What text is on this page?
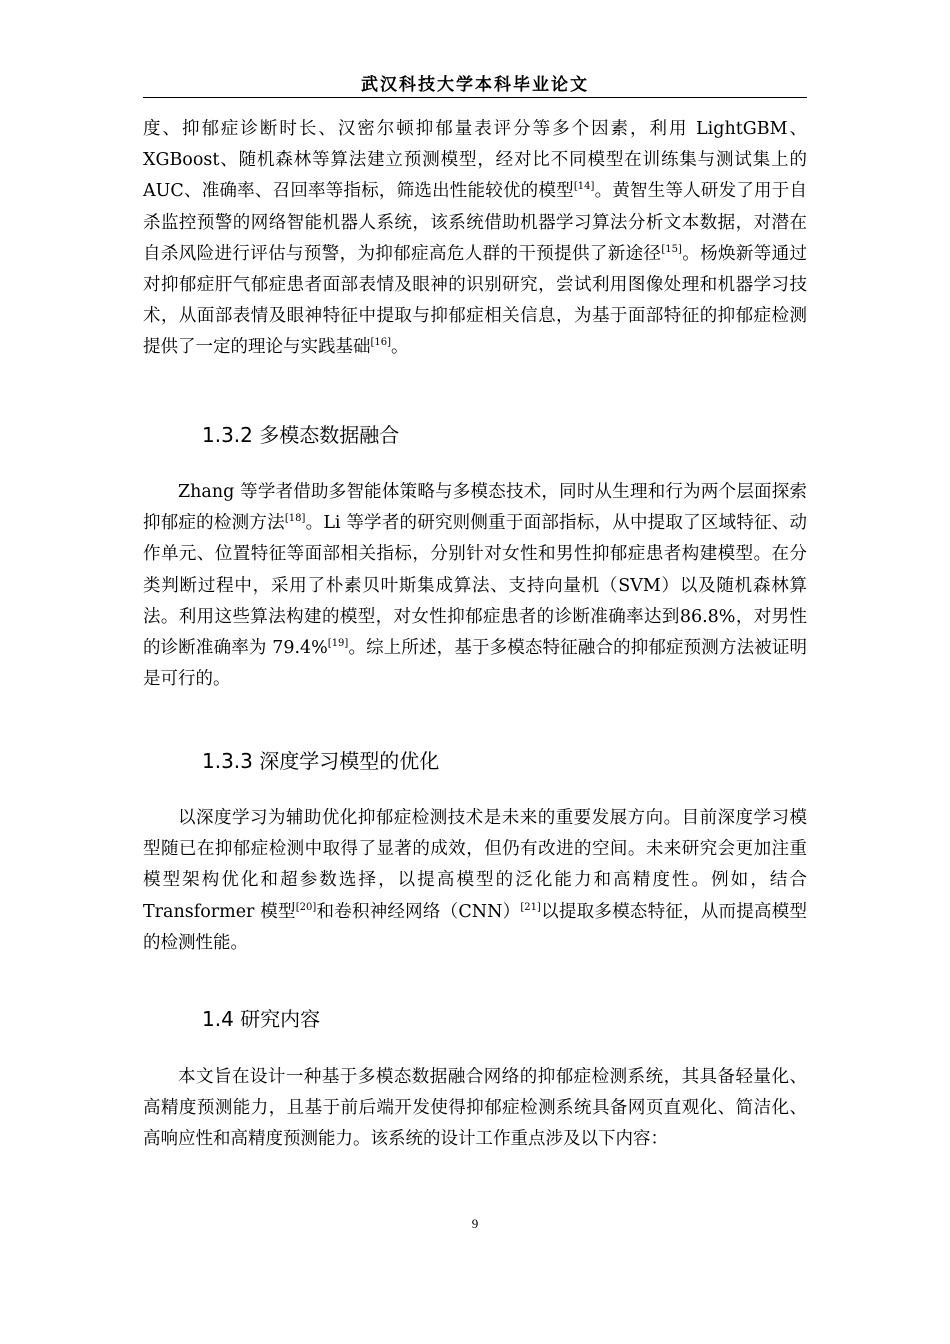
武汉科技大学本科毕业论文

度、抑郁症诊断时长、汉密尔顿抑郁量表评分等多个因素，利用 LightGBM、XGBoost、随机森林等算法建立预测模型，经对比不同模型在训练集与测试集上的 AUC、准确率、召回率等指标，筛选出性能较优的模型[14]。黄智生等人研发了用于自杀监控预警的网络智能机器人系统，该系统借助机器学习算法分析文本数据，对潜在自杀风险进行评估与预警，为抑郁症高危人群的干预提供了新途径[15]。杨焕新等通过对抑郁症肝气郁症患者面部表情及眼神的识别研究，尝试利用图像处理和机器学习技术，从面部表情及眼神特征中提取与抑郁症相关信息，为基于面部特征的抑郁症检测提供了一定的理论与实践基础[16]。

1.3.2 多模态数据融合

Zhang 等学者借助多智能体策略与多模态技术，同时从生理和行为两个层面探索抑郁症的检测方法[18]。Li 等学者的研究则侧重于面部指标，从中提取了区域特征、动作单元、位置特征等面部相关指标，分别针对女性和男性抑郁症患者构建模型。在分类判断过程中，采用了朴素贝叶斯集成算法、支持向量机（SVM）以及随机森林算法。利用这些算法构建的模型，对女性抑郁症患者的诊断准确率达到86.8%，对男性的诊断准确率为 79.4%[19]。综上所述，基于多模态特征融合的抑郁症预测方法被证明是可行的。

1.3.3 深度学习模型的优化

以深度学习为辅助优化抑郁症检测技术是未来的重要发展方向。目前深度学习模型随已在抑郁症检测中取得了显著的成效，但仍有改进的空间。未来研究会更加注重模型架构优化和超参数选择，以提高模型的泛化能力和高精度性。例如，结合 Transformer 模型[20]和卷积神经网络（CNN）[21]以提取多模态特征，从而提高模型的检测性能。

1.4 研究内容

本文旨在设计一种基于多模态数据融合网络的抑郁症检测系统，其具备轻量化、高精度预测能力，且基于前后端开发使得抑郁症检测系统具备网页直观化、简洁化、高响应性和高精度预测能力。该系统的设计工作重点涉及以下内容：

9
